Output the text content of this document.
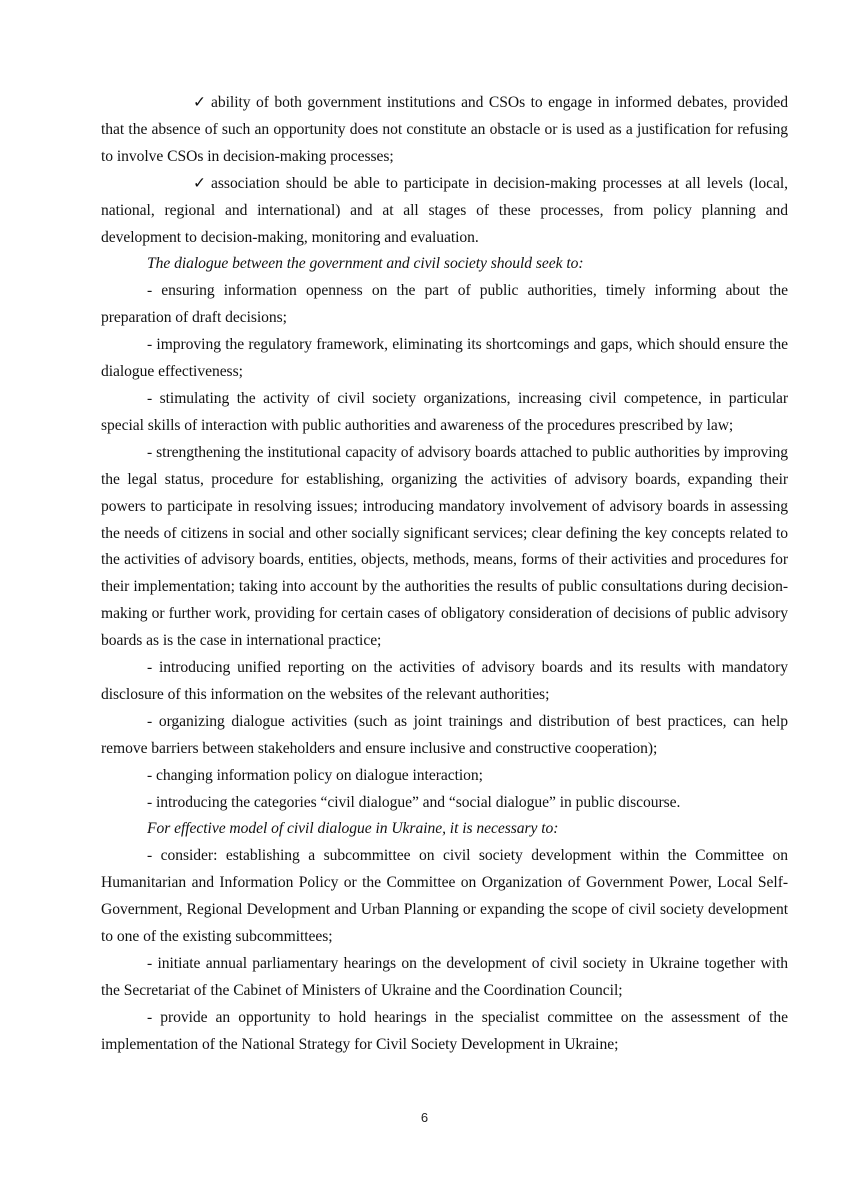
✓ ability of both government institutions and CSOs to engage in informed debates, provided that the absence of such an opportunity does not constitute an obstacle or is used as a justification for refusing to involve CSOs in decision-making processes;

✓ association should be able to participate in decision-making processes at all levels (local, national, regional and international) and at all stages of these processes, from policy planning and development to decision-making, monitoring and evaluation.

The dialogue between the government and civil society should seek to:

- ensuring information openness on the part of public authorities, timely informing about the preparation of draft decisions;

- improving the regulatory framework, eliminating its shortcomings and gaps, which should ensure the dialogue effectiveness;

- stimulating the activity of civil society organizations, increasing civil competence, in particular special skills of interaction with public authorities and awareness of the procedures prescribed by law;

- strengthening the institutional capacity of advisory boards attached to public authorities by improving the legal status, procedure for establishing, organizing the activities of advisory boards, expanding their powers to participate in resolving issues; introducing mandatory involvement of advisory boards in assessing the needs of citizens in social and other socially significant services; clear defining the key concepts related to the activities of advisory boards, entities, objects, methods, means, forms of their activities and procedures for their implementation; taking into account by the authorities the results of public consultations during decision-making or further work, providing for certain cases of obligatory consideration of decisions of public advisory boards as is the case in international practice;

- introducing unified reporting on the activities of advisory boards and its results with mandatory disclosure of this information on the websites of the relevant authorities;

- organizing dialogue activities (such as joint trainings and distribution of best practices, can help remove barriers between stakeholders and ensure inclusive and constructive cooperation);

- changing information policy on dialogue interaction;

- introducing the categories “civil dialogue” and “social dialogue” in public discourse.

For effective model of civil dialogue in Ukraine, it is necessary to:

- consider: establishing a subcommittee on civil society development within the Committee on Humanitarian and Information Policy or the Committee on Organization of Government Power, Local Self-Government, Regional Development and Urban Planning or expanding the scope of civil society development to one of the existing subcommittees;

- initiate annual parliamentary hearings on the development of civil society in Ukraine together with the Secretariat of the Cabinet of Ministers of Ukraine and the Coordination Council;

- provide an opportunity to hold hearings in the specialist committee on the assessment of the implementation of the National Strategy for Civil Society Development in Ukraine;

6
